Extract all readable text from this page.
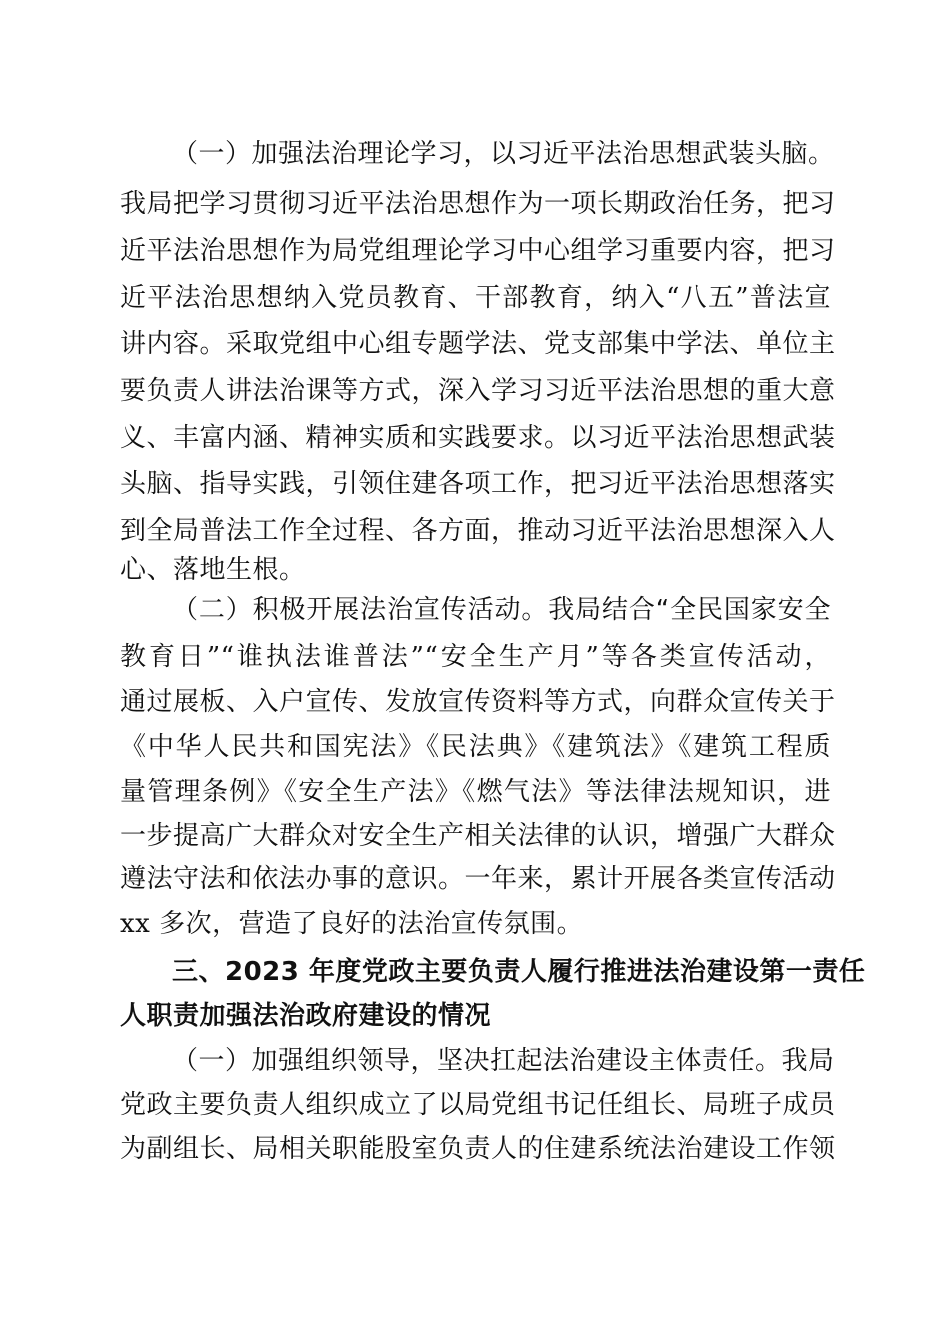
（一）加强法治理论学习，以习近平法治思想武装头脑。
我局把学习贯彻习近平法治思想作为一项长期政治任务，把习
近平法治思想作为局党组理论学习中心组学习重要内容，把习
近平法治思想纳入党员教育、干部教育，纳入“八五”普法宣
讲内容。采取党组中心组专题学法、党支部集中学法、单位主
要负责人讲法治课等方式，深入学习习近平法治思想的重大意
义、丰富内涵、精神实质和实践要求。以习近平法治思想武装
头脑、指导实践，引领住建各项工作，把习近平法治思想落实
到全局普法工作全过程、各方面，推动习近平法治思想深入人
心、落地生根。
（二）积极开展法治宣传活动。我局结合“全民国家安全
教育日”“谁执法谁普法”“安全生产月”等各类宣传活动，
通过展板、入户宣传、发放宣传资料等方式，向群众宣传关于
《中华人民共和国宪法》《民法典》《建筑法》《建筑工程质
量管理条例》《安全生产法》《燃气法》等法律法规知识，进
一步提高广大群众对安全生产相关法律的认识，增强广大群众
遵法守法和依法办事的意识。一年来，累计开展各类宣传活动
xx 多次，营造了良好的法治宣传氛围。
三、2023 年度党政主要负责人履行推进法治建设第一责任
人职责加强法治政府建设的情况
（一）加强组织领导，坚决扛起法治建设主体责任。我局
党政主要负责人组织成立了以局党组书记任组长、局班子成员
为副组长、局相关职能股室负责人的住建系统法治建设工作领
